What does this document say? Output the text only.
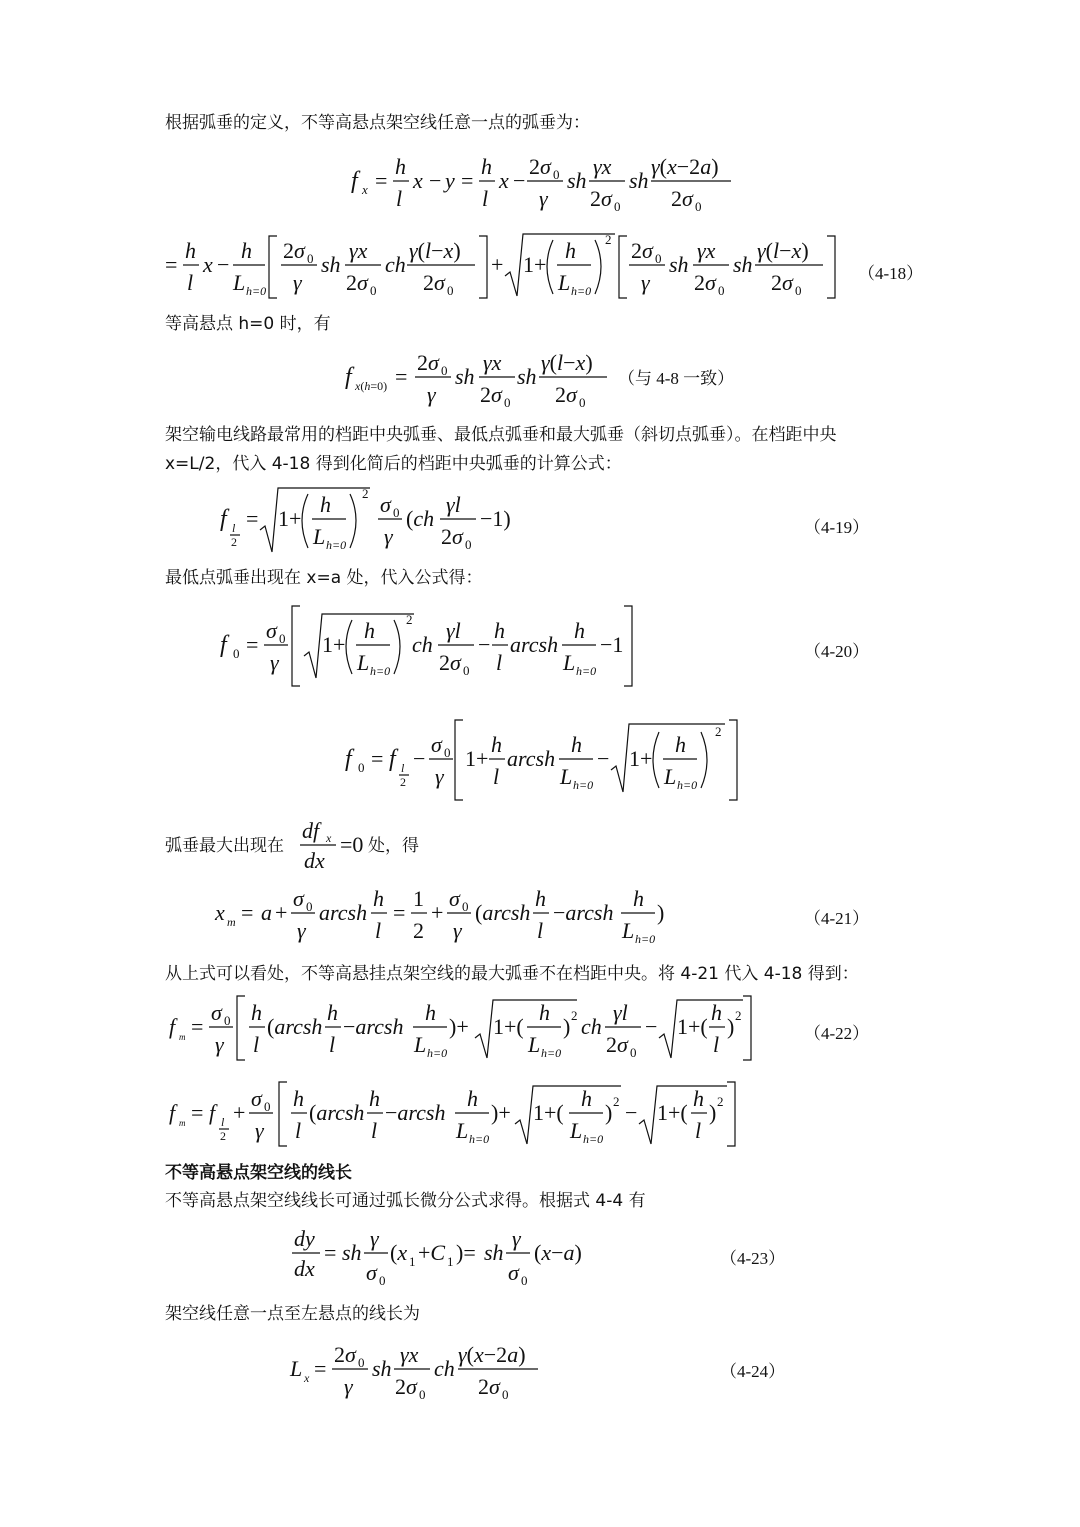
根据弧垂的定义，不等高悬点架空线任意一点的弧垂为：
f x =
h
l
x − y =
h
l
x −
2σ 0
γ
sh
γx
2σ 0
sh
γ(x−2a)
2σ 0
=
h
l
x −
h
L h=0
2σ 0
γ
sh
γx
2σ 0
ch
γ(l−x)
2σ 0
+ 1+
h
L h=0
2 2σ 0
γ
sh
γx
2σ 0
sh
γ(l−x)
2σ 0
（4-18）
等高悬点 h=0 时，有
f x(h=0) =
2σ 0
γ
sh
γx
2σ 0
sh
γ(l−x)
2σ 0
（与 4-8 一致）
架空输电线路最常用的档距中央弧垂、最低点弧垂和最大弧垂（斜切点弧垂）。在档距中央
x=L/2，代入 4-18 得到化简后的档距中央弧垂的计算公式：
f l
2
= 1+
h
L h=0
2 σ 0
γ
(ch
γl
2σ 0
−1)	（4-19）
最低点弧垂出现在 x=a 处，代入公式得：
f 0 =
σ 0
γ
1+
h
L h=0
2
ch
γl
2σ 0
−
h
l
arcsh
h
L h=0
−1	（4-20）
f 0 = f l
2
−
σ 0
γ
1+
h
l
arcsh
h
L h=0
− 1+
h
L h=0
2
弧垂最大出现在
df x
dx
=0 处，得
x m = a +
σ 0
γ
arcsh
h
l
=
1
2
+
σ 0
γ
(arcsh
h
l
−arcsh
h
L h=0
)	（4-21）
从上式可以看处，不等高悬挂点架空线的最大弧垂不在档距中央。将 4-21 代入 4-18 得到：
f m =
σ 0
γ
h
l
(arcsh
h
l
−arcsh
h
L h=0
)+ 1+(
h
L h=0
) 2 ch
γl
2σ 0
− 1+(
h
l
) 2
（4-22）
f m = f l
2
+
σ 0
γ
h
l
(arcsh
h
l
−arcsh
h
L h=0
)+ 1+(
h
L h=0
) 2 − 1+(
h
l
) 2
不等高悬点架空线的线长
不等高悬点架空线线长可通过弧长微分公式求得。根据式 4-4 有
dy
dx
= sh
γ
σ 0
(x 1 +C 1 )= sh
γ
σ 0
(x−a)	（4-23）
架空线任意一点至左悬点的线长为
L x =
2σ 0
γ
sh
γx
2σ 0
ch
γ(x−2a)
2σ 0
（4-24）
